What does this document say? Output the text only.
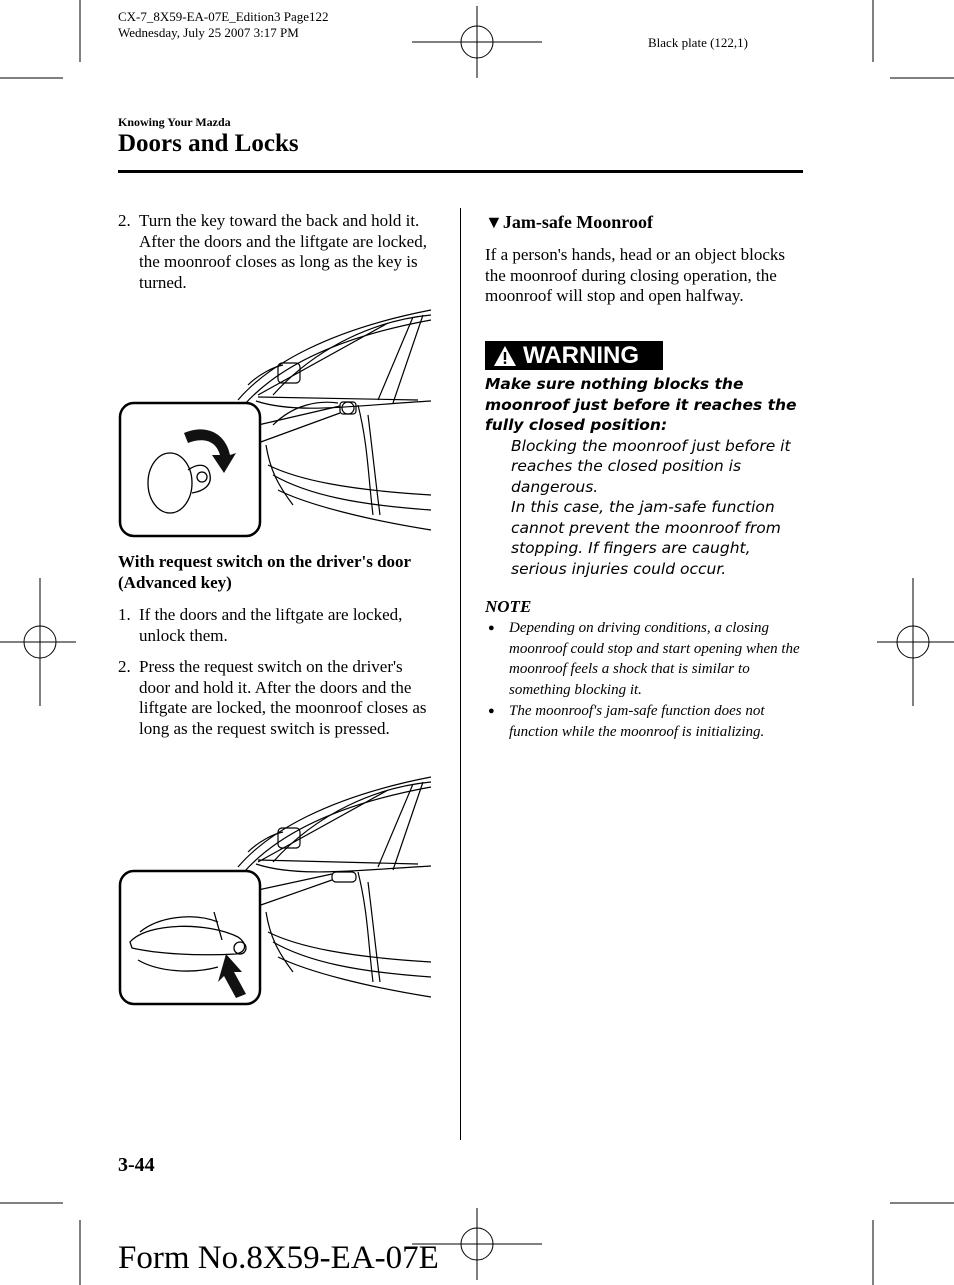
CX-7_8X59-EA-07E_Edition3 Page122
Wednesday, July 25 2007 3:17 PM
Black plate (122,1)
Knowing Your Mazda
Doors and Locks
2. Turn the key toward the back and hold it. After the doors and the liftgate are locked, the moonroof closes as long as the key is turned.
With request switch on the driver's door (Advanced key)
1. If the doors and the liftgate are locked, unlock them.
2. Press the request switch on the driver's door and hold it. After the doors and the liftgate are locked, the moonroof closes as long as the request switch is pressed.
▼Jam-safe Moonroof
If a person's hands, head or an object blocks the moonroof during closing operation, the moonroof will stop and open halfway.
WARNING
Make sure nothing blocks the moonroof just before it reaches the fully closed position:
Blocking the moonroof just before it reaches the closed position is dangerous.
In this case, the jam-safe function cannot prevent the moonroof from stopping. If fingers are caught, serious injuries could occur.
NOTE
● Depending on driving conditions, a closing moonroof could stop and start opening when the moonroof feels a shock that is similar to something blocking it.
● The moonroof's jam-safe function does not function while the moonroof is initializing.
3-44
Form No.8X59-EA-07E
